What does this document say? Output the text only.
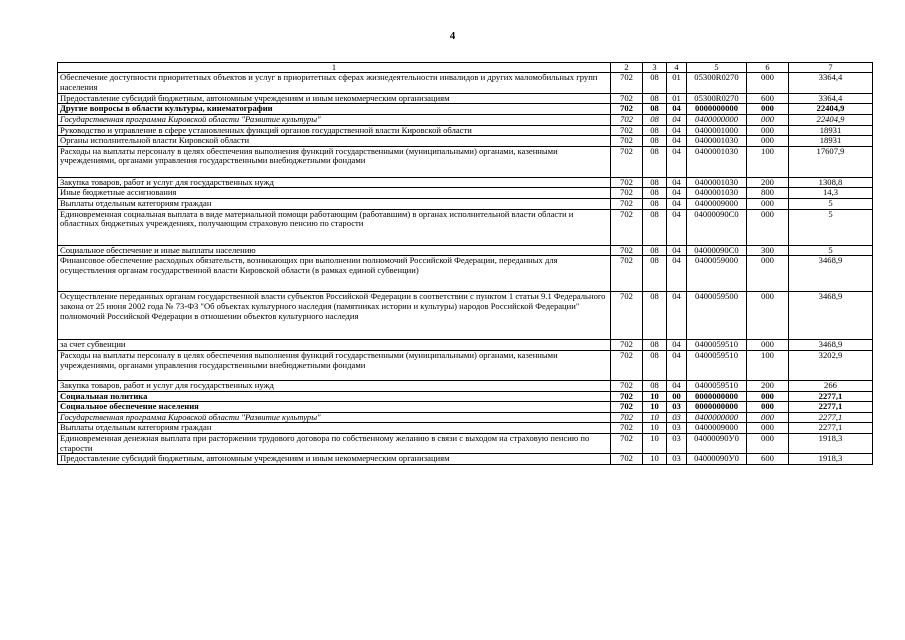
4
1	2	3	4	5	6	7
Обеспечение доступности приоритетных объектов и услуг в приоритетных сферах жизнедеятельности инвалидов и других маломобильных групп населения	702	08	01	05300R0270	000	3364,4
Предоставление субсидий бюджетным, автономным учреждениям и иным некоммерческим организациям	702	08	01	05300R0270	600	3364,4
Другие вопросы в области культуры, кинематографии	702	08	04	0000000000	000	22404,9
Государственная программа Кировской области "Развитие культуры"	702	08	04	0400000000	000	22404,9
Руководство и управление в сфере установленных функций органов государственной власти Кировской области	702	08	04	0400001000	000	18931
Органы исполнительной власти Кировской области	702	08	04	0400001030	000	18931
Расходы на выплаты персоналу в целях обеспечения выполнения функций государственными (муниципальными) органами, казенными учреждениями, органами управления государственными внебюджетными фондами	702	08	04	0400001030	100	17607,9
Закупка товаров, работ и услуг для государственных нужд	702	08	04	0400001030	200	1308,8
Иные бюджетные ассигнования	702	08	04	0400001030	800	14,3
Выплаты отдельным категориям граждан	702	08	04	0400009000	000	5
Единовременная социальная выплата в виде материальной помощи работающим (работавшим) в органах исполнительной власти области и областных бюджетных учреждениях, получающим страховую пенсию по старости	702	08	04	04000090C0	000	5
Социальное обеспечение и иные выплаты населению	702	08	04	04000090C0	300	5
Финансовое обеспечение расходных обязательств, возникающих при выполнении полномочий Российской Федерации, переданных для осуществления органам государственной власти Кировской области (в рамках единой субвенции)	702	08	04	0400059000	000	3468,9
Осуществление переданных органам государственной власти субъектов Российской Федерации в соответствии с пунктом 1 статьи 9.1 Федерального закона от 25 июня 2002 года № 73-ФЗ "Об объектах культурного наследия (памятниках истории и культуры) народов Российской Федерации" полномочий Российской Федерации в отношении объектов культурного наследия	702	08	04	0400059500	000	3468,9
за счет субвенции	702	08	04	0400059510	000	3468,9
Расходы на выплаты персоналу в целях обеспечения выполнения функций государственными (муниципальными) органами, казенными учреждениями, органами управления государственными внебюджетными фондами	702	08	04	0400059510	100	3202,9
Закупка товаров, работ и услуг для государственных нужд	702	08	04	0400059510	200	266
Социальная политика	702	10	00	0000000000	000	2277,1
Социальное обеспечение населения	702	10	03	0000000000	000	2277,1
Государственная программа Кировской области "Развитие культуры"	702	10	03	0400000000	000	2277,1
Выплаты отдельным категориям граждан	702	10	03	0400009000	000	2277,1
Единовременная денежная выплата при расторжении трудового договора по собственному желанию в связи с выходом на страховую пенсию по старости	702	10	03	04000090У0	000	1918,3
Предоставление субсидий бюджетным, автономным учреждениям и иным некоммерческим организациям	702	10	03	04000090У0	600	1918,3
